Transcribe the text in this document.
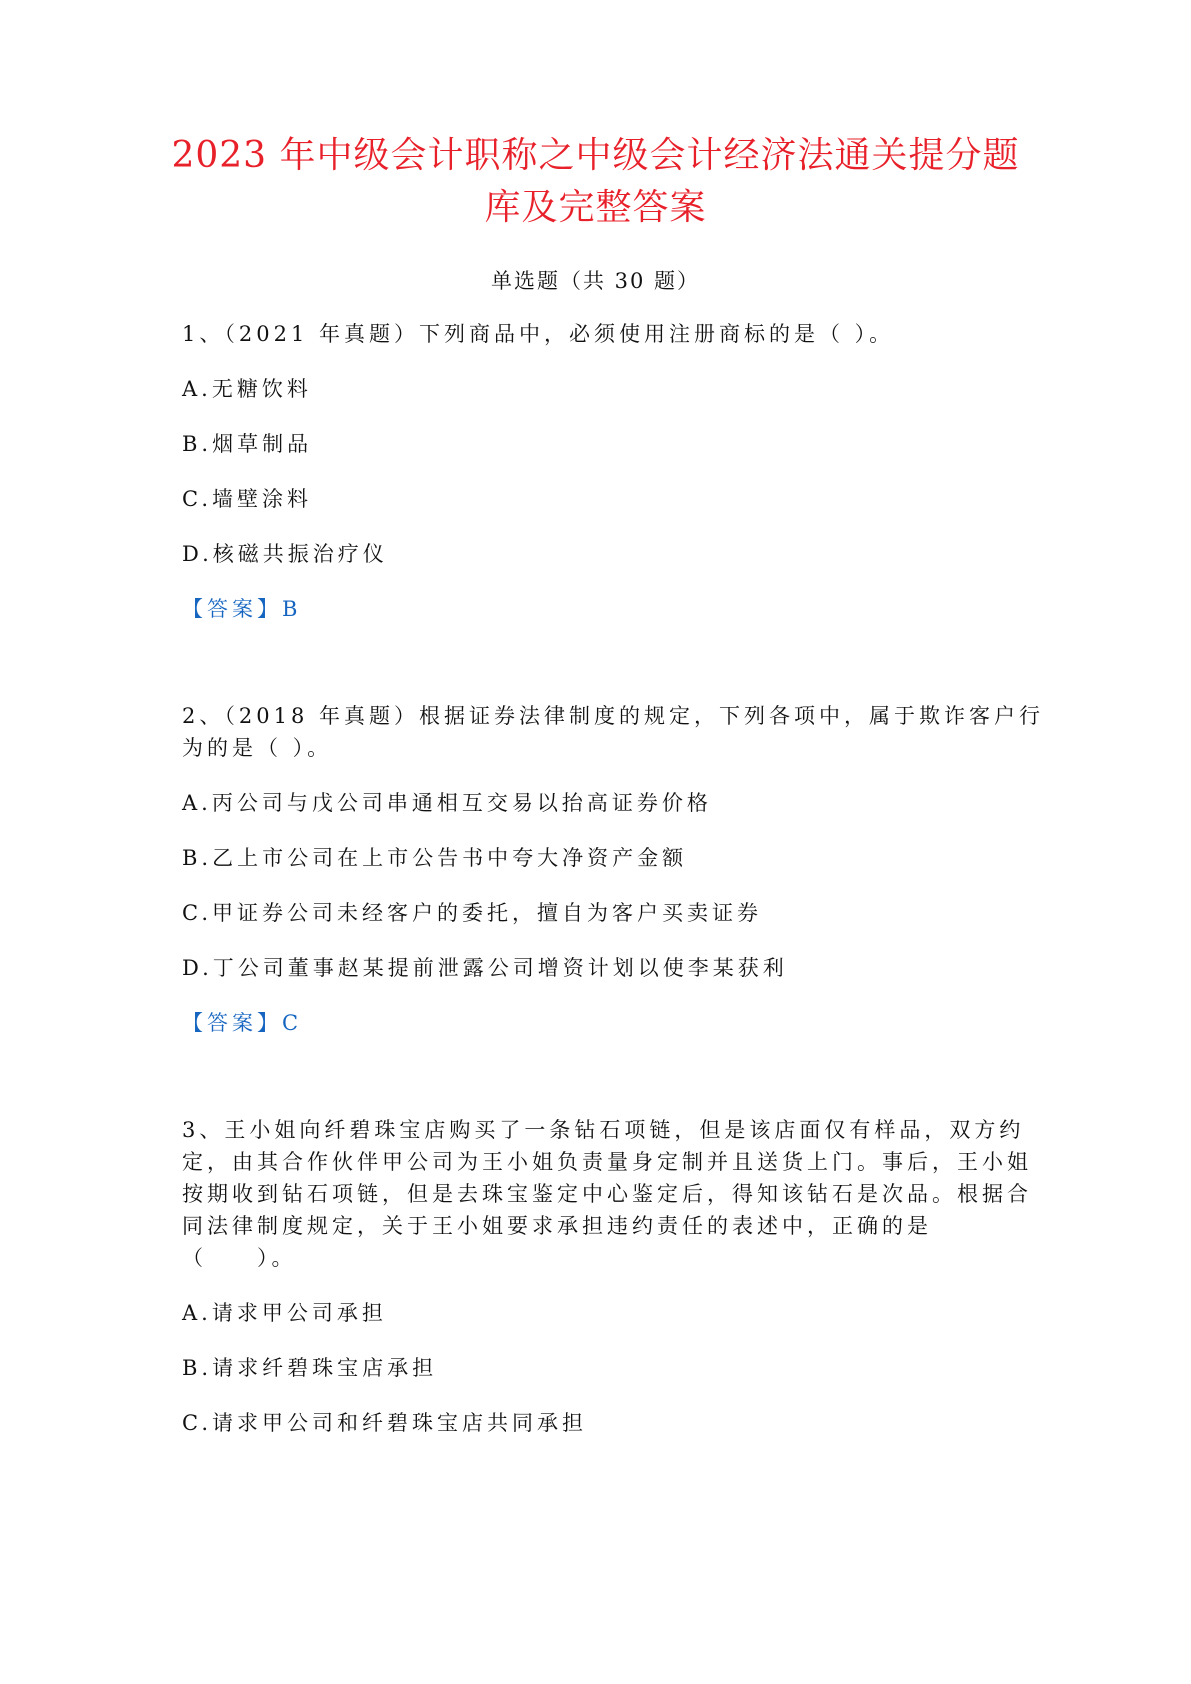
2023 年中级会计职称之中级会计经济法通关提分题
库及完整答案
单选题（共 30 题）
1、（2021 年真题）下列商品中，必须使用注册商标的是（ ）。
A.无糖饮料
B.烟草制品
C.墙壁涂料
D.核磁共振治疗仪
【答案】B
2、（2018 年真题）根据证券法律制度的规定，下列各项中，属于欺诈客户行
为的是（ ）。
A.丙公司与戊公司串通相互交易以抬高证券价格
B.乙上市公司在上市公告书中夸大净资产金额
C.甲证券公司未经客户的委托，擅自为客户买卖证券
D.丁公司董事赵某提前泄露公司增资计划以使李某获利
【答案】C
3、王小姐向纤碧珠宝店购买了一条钻石项链，但是该店面仅有样品，双方约
定，由其合作伙伴甲公司为王小姐负责量身定制并且送货上门。事后，王小姐
按期收到钻石项链，但是去珠宝鉴定中心鉴定后，得知该钻石是次品。根据合
同法律制度规定，关于王小姐要求承担违约责任的表述中，正确的是
（　　）。
A.请求甲公司承担
B.请求纤碧珠宝店承担
C.请求甲公司和纤碧珠宝店共同承担
